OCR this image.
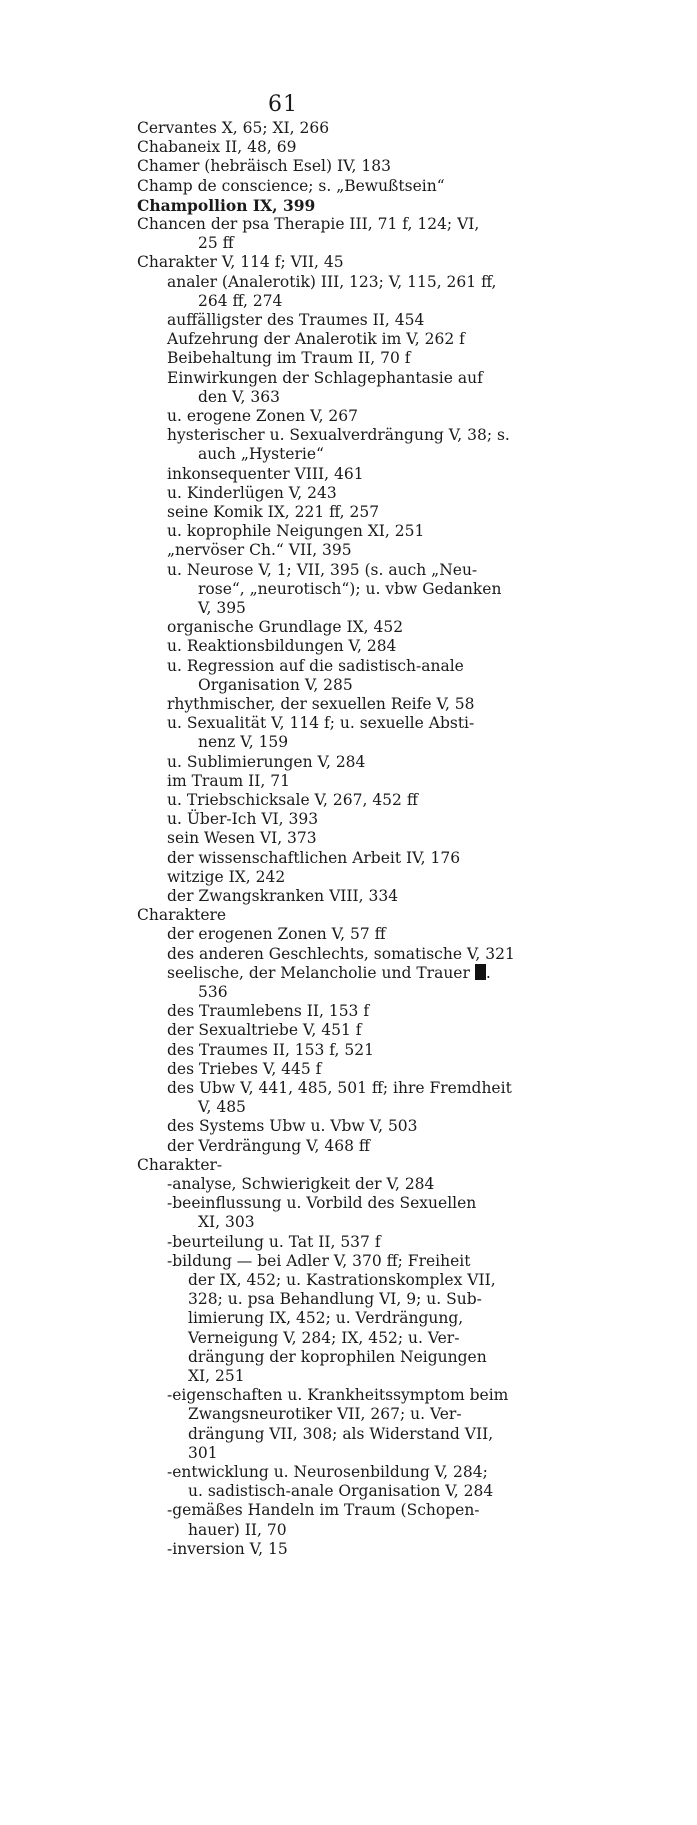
61
Cervantes X, 65; XI, 266
Chabaneix II, 48, 69
Chamer (hebräisch Esel) IV, 183
Champ de conscience; s. „Bewußtsein“
Champollion IX, 399
Chancen der psa Therapie III, 71 f, 124; VI,
25 ff
Charakter V, 114 f; VII, 45
analer (Analerotik) III, 123; V, 115, 261 ff,
264 ff, 274
auffälligster des Traumes II, 454
Aufzehrung der Analerotik im V, 262 f
Beibehaltung im Traum II, 70 f
Einwirkungen der Schlagephantasie auf
den V, 363
u. erogene Zonen V, 267
hysterischer u. Sexualverdrängung V, 38; s.
auch „Hysterie“
inkonsequenter VIII, 461
u. Kinderlügen V, 243
seine Komik IX, 221 ff, 257
u. koprophile Neigungen XI, 251
„nervöser Ch.“ VII, 395
u. Neurose V, 1; VII, 395 (s. auch „Neu-
rose“, „neurotisch“); u. vbw Gedanken
V, 395
organische Grundlage IX, 452
u. Reaktionsbildungen V, 284
u. Regression auf die sadistisch-anale
Organisation V, 285
rhythmischer, der sexuellen Reife V, 58
u. Sexualität V, 114 f; u. sexuelle Absti-
nenz V, 159
u. Sublimierungen V, 284
im Traum II, 71
u. Triebschicksale V, 267, 452 ff
u. Über-Ich VI, 393
sein Wesen VI, 373
der wissenschaftlichen Arbeit IV, 176
witzige IX, 242
der Zwangskranken VIII, 334
Charaktere
der erogenen Zonen V, 57 ff
des anderen Geschlechts, somatische V, 321
seelische, der Melancholie und Trauer .
536
des Traumlebens II, 153 f
der Sexualtriebe V, 451 f
des Traumes II, 153 f, 521
des Triebes V, 445 f
des Ubw V, 441, 485, 501 ff; ihre Fremdheit
V, 485
des Systems Ubw u. Vbw V, 503
der Verdrängung V, 468 ff
Charakter-
-analyse, Schwierigkeit der V, 284
-beeinflussung u. Vorbild des Sexuellen
XI, 303
-beurteilung u. Tat II, 537 f
-bildung — bei Adler V, 370 ff; Freiheit
der IX, 452; u. Kastrationskomplex VII,
328; u. psa Behandlung VI, 9; u. Sub-
limierung IX, 452; u. Verdrängung,
Verneigung V, 284; IX, 452; u. Ver-
drängung der koprophilen Neigungen
XI, 251
-eigenschaften u. Krankheitssymptom beim
Zwangsneurotiker VII, 267; u. Ver-
drängung VII, 308; als Widerstand VII,
301
-entwicklung u. Neurosenbildung V, 284;
u. sadistisch-anale Organisation V, 284
-gemäßes Handeln im Traum (Schopen-
hauer) II, 70
-inversion V, 15
